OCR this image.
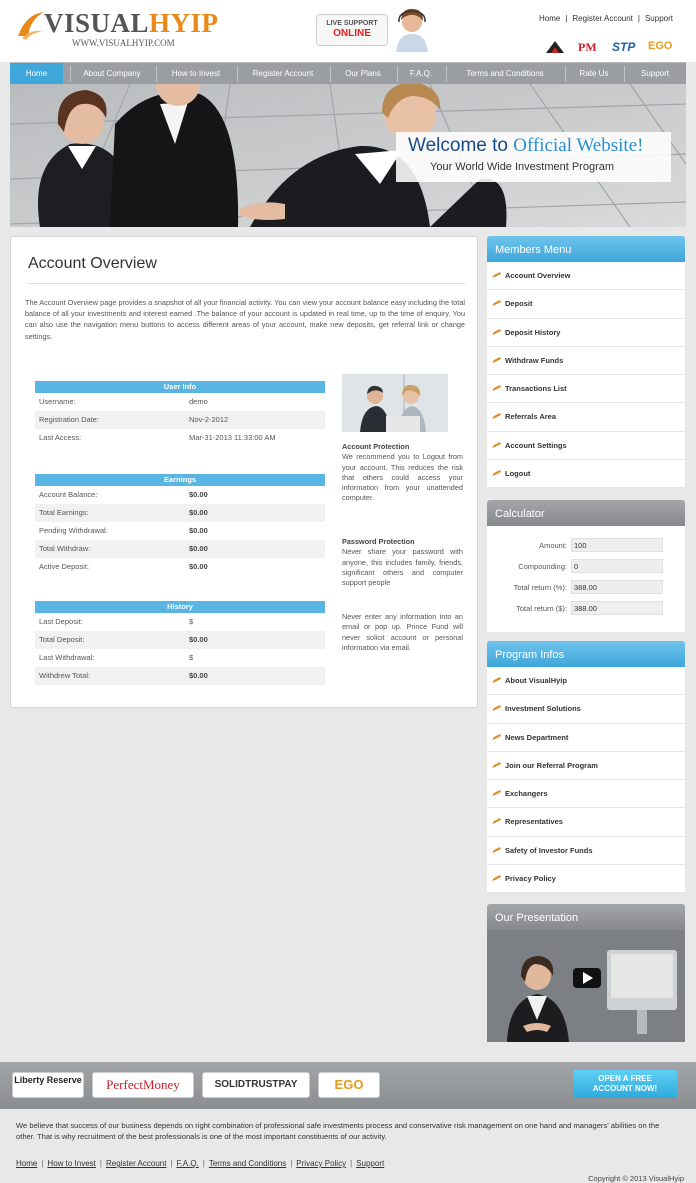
VISUALHYIP
WWW.VISUALHYIP.COM
LIVE SUPPORT
ONLINE
Home | Register Account | Support
PM STP EGO
Home	About Company	How to Invest	Register Account	Our Plans	F.A.Q.	Terms and Conditions	Rate Us	Support
Welcome to Official Website!
Your World Wide Investment Program
Account Overview
The Account Overview page provides a snapshot of all your financial activity. You can view your account balance easy including the total balance of all your investments and interest earned .The balance of your account is updated in real time, up to the time of enquiry. You can also use the navigation menu buttons to access different areas of your account, make new deposits, get referral link or change settings.
User Info
Username:	demo
Registration Date:	Nov-2-2012
Last Access:	Mar-31-2013 11:33:00 AM
Earnings
Account Balance:	$0.00
Total Earnings:	$0.00
Pending Withdrawal:	$0.00
Total Withdraw:	$0.00
Active Deposit:	$0.00
History
Last Deposit:	$
Total Deposit:	$0.00
Last Withdrawal:	$
Withdrew Total:	$0.00
Account Protection
We recommend you to Logout from your account. This reduces the risk that others could access your information from your unattended computer.
Password Protection
Never share your password with anyone, this includes family, friends, significant others and computer support people
Never enter any information into an email or pop up. Prince Fund will never solicit account or personal information via email.
Members Menu
Account Overview
Deposit
Deposit History
Withdraw Funds
Transactions List
Referrals Area
Account Settings
Logout
Calculator
Amount:
100
Compounding:
0
Total return (%):
388.00
Total return ($):
388.00
Program Infos
About VisualHyip
Investment Solutions
News Department
Join our Referral Program
Exchangers
Representatives
Safety of Investor Funds
Privacy Policy
Our Presentation
Liberty Reserve	PerfectMoney	SOLIDTRUSTPAY	EGO	OPEN A FREE
ACCOUNT NOW!
We believe that success of our business depends on right combination of professional safe investments process and conservative risk management on one hand and managers' abilities on the other. That is why recruitment of the best professionals is one of the most important constituents of our activity.
Home | How to Invest | Register Account | F.A.Q. | Terms and Conditions | Privacy Policy | Support
Copyright © 2013 VisualHyip
